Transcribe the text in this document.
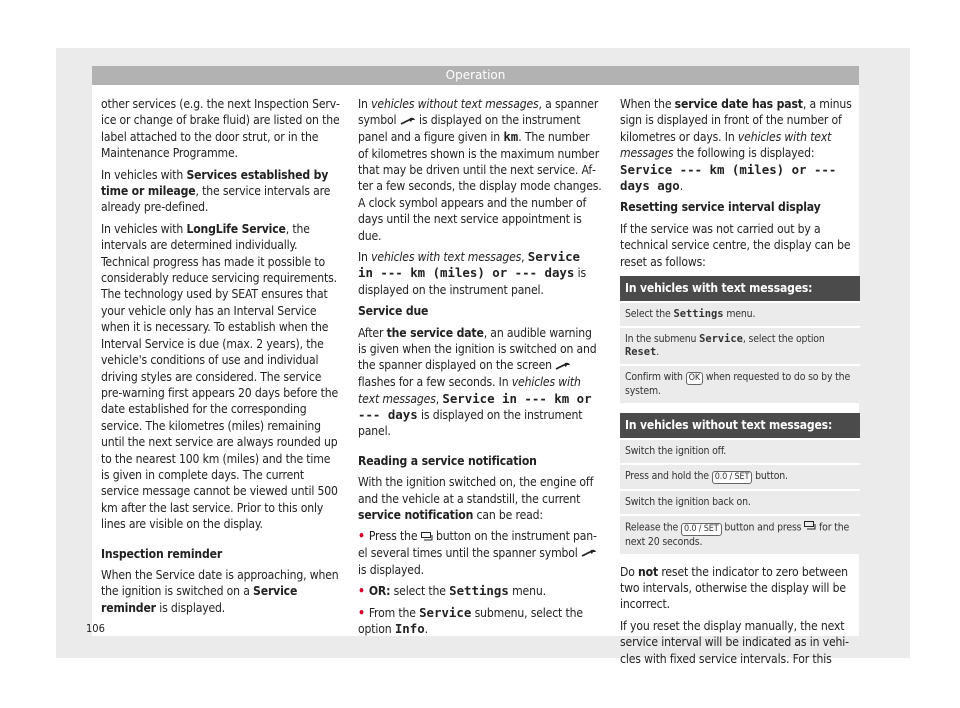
Operation

other services (e.g. the next Inspection Service or change of brake fluid) are listed on the label attached to the door strut, or in the Maintenance Programme.

In vehicles with Services established by time or mileage, the service intervals are already pre-defined.

In vehicles with LongLife Service, the intervals are determined individually. Technical progress has made it possible to considerably reduce servicing requirements. The technology used by SEAT ensures that your vehicle only has an Interval Service when it is necessary. To establish when the Interval Service is due (max. 2 years), the vehicle's conditions of use and individual driving styles are considered. The service pre-warning first appears 20 days before the date established for the corresponding service. The kilometres (miles) remaining until the next service are always rounded up to the nearest 100 km (miles) and the time is given in complete days. The current service message cannot be viewed until 500 km after the last service. Prior to this only lines are visible on the display.

Inspection reminder

When the Service date is approaching, when the ignition is switched on a Service reminder is displayed.

In vehicles without text messages, a spanner symbol  is displayed on the instrument panel and a figure given in km. The number of kilometres shown is the maximum number that may be driven until the next service. After a few seconds, the display mode changes. A clock symbol appears and the number of days until the next service appointment is due.

In vehicles with text messages, Service in --- km (miles) or --- days is displayed on the instrument panel.

Service due

After the service date, an audible warning is given when the ignition is switched on and the spanner displayed on the screen  flashes for a few seconds. In vehicles with text messages, Service in --- km or --- days is displayed on the instrument panel.

Reading a service notification

With the ignition switched on, the engine off and the vehicle at a standstill, the current service notification can be read:

• Press the  button on the instrument panel several times until the spanner symbol  is displayed.

• OR: select the Settings menu.

• From the Service submenu, select the option Info.

When the service date has past, a minus sign is displayed in front of the number of kilometres or days. In vehicles with text messages the following is displayed: Service --- km (miles) or --- days ago.

Resetting service interval display

If the service was not carried out by a technical service centre, the display can be reset as follows:

In vehicles with text messages:
Select the Settings menu.
In the submenu Service, select the option Reset.
Confirm with OK when requested to do so by the system.
In vehicles without text messages:
Switch the ignition off.
Press and hold the 0.0 / SET button.
Switch the ignition back on.
Release the 0.0 / SET button and press  for the next 20 seconds.

Do not reset the indicator to zero between two intervals, otherwise the display will be incorrect.

If you reset the display manually, the next service interval will be indicated as in vehicles with fixed service intervals. For this

106
